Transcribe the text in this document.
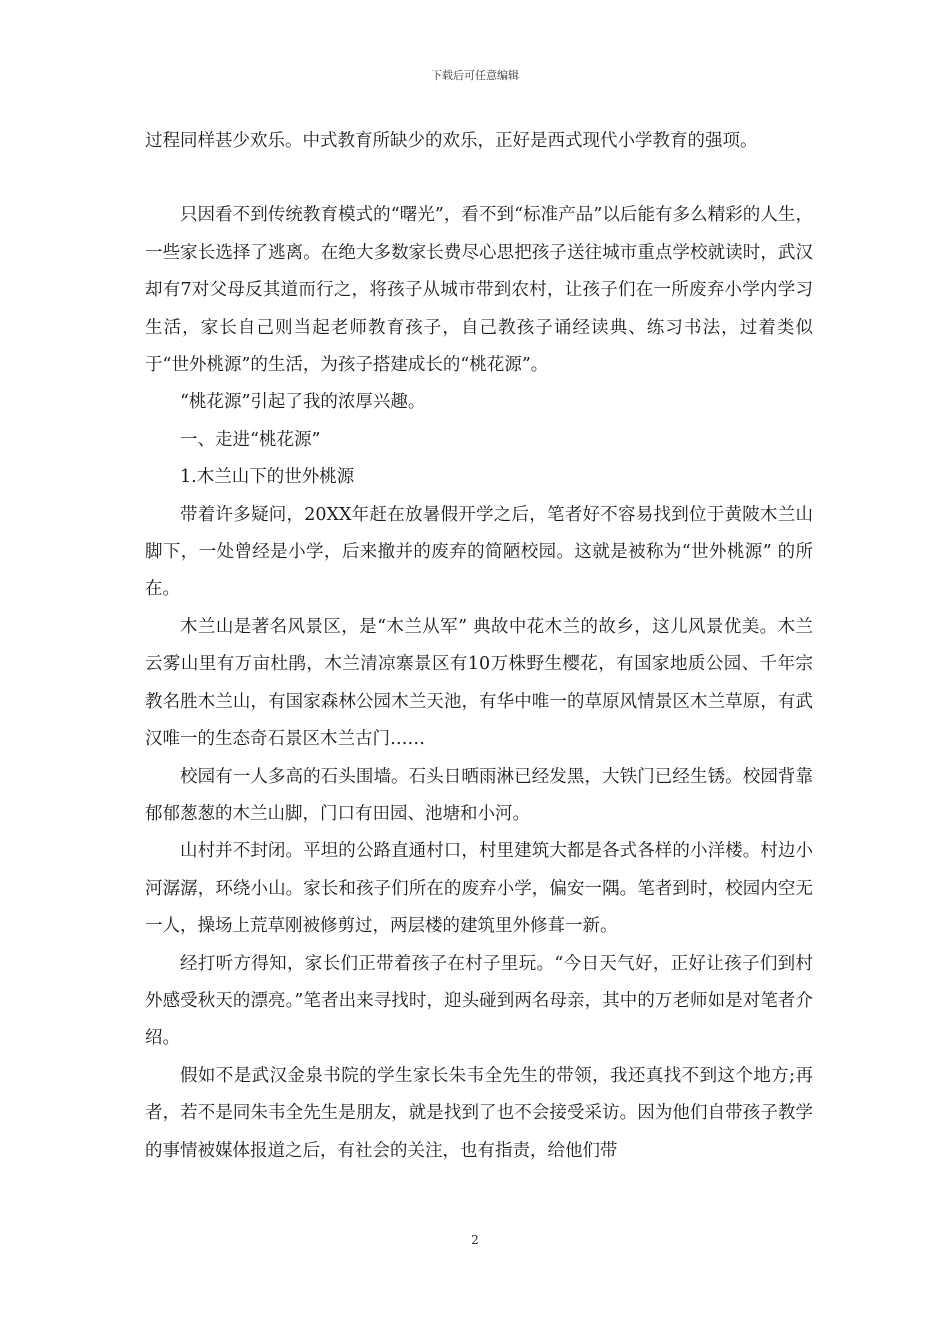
下载后可任意编辑

过程同样甚少欢乐。中式教育所缺少的欢乐，正好是西式现代小学教育的强项。

只因看不到传统教育模式的“曙光”，看不到“标准产品”以后能有多么精彩的人生，一些家长选择了逃离。在绝大多数家长费尽心思把孩子送往城市重点学校就读时，武汉却有7对父母反其道而行之，将孩子从城市带到农村，让孩子们在一所废弃小学内学习生活，家长自己则当起老师教育孩子，自己教孩子诵经读典、练习书法，过着类似于“世外桃源”的生活，为孩子搭建成长的“桃花源”。

“桃花源”引起了我的浓厚兴趣。

一、走进“桃花源”

1.木兰山下的世外桃源

带着许多疑问，20XX年赶在放暑假开学之后，笔者好不容易找到位于黄陂木兰山脚下，一处曾经是小学，后来撤并的废弃的简陋校园。这就是被称为“世外桃源” 的所在。

木兰山是著名风景区，是“木兰从军” 典故中花木兰的故乡，这儿风景优美。木兰云雾山里有万亩杜鹃，木兰清凉寨景区有10万株野生樱花，有国家地质公园、千年宗教名胜木兰山，有国家森林公园木兰天池，有华中唯一的草原风情景区木兰草原，有武汉唯一的生态奇石景区木兰古门……

校园有一人多高的石头围墙。石头日晒雨淋已经发黑，大铁门已经生锈。校园背靠郁郁葱葱的木兰山脚，门口有田园、池塘和小河。

山村并不封闭。平坦的公路直通村口，村里建筑大都是各式各样的小洋楼。村边小河潺潺，环绕小山。家长和孩子们所在的废弃小学，偏安一隅。笔者到时，校园内空无一人，操场上荒草刚被修剪过，两层楼的建筑里外修葺一新。

经打听方得知，家长们正带着孩子在村子里玩。“今日天气好，正好让孩子们到村外感受秋天的漂亮。”笔者出来寻找时，迎头碰到两名母亲，其中的万老师如是对笔者介绍。

假如不是武汉金泉书院的学生家长朱韦全先生的带领，我还真找不到这个地方;再者，若不是同朱韦全先生是朋友，就是找到了也不会接受采访。因为他们自带孩子教学的事情被媒体报道之后，有社会的关注，也有指责，给他们带

2
